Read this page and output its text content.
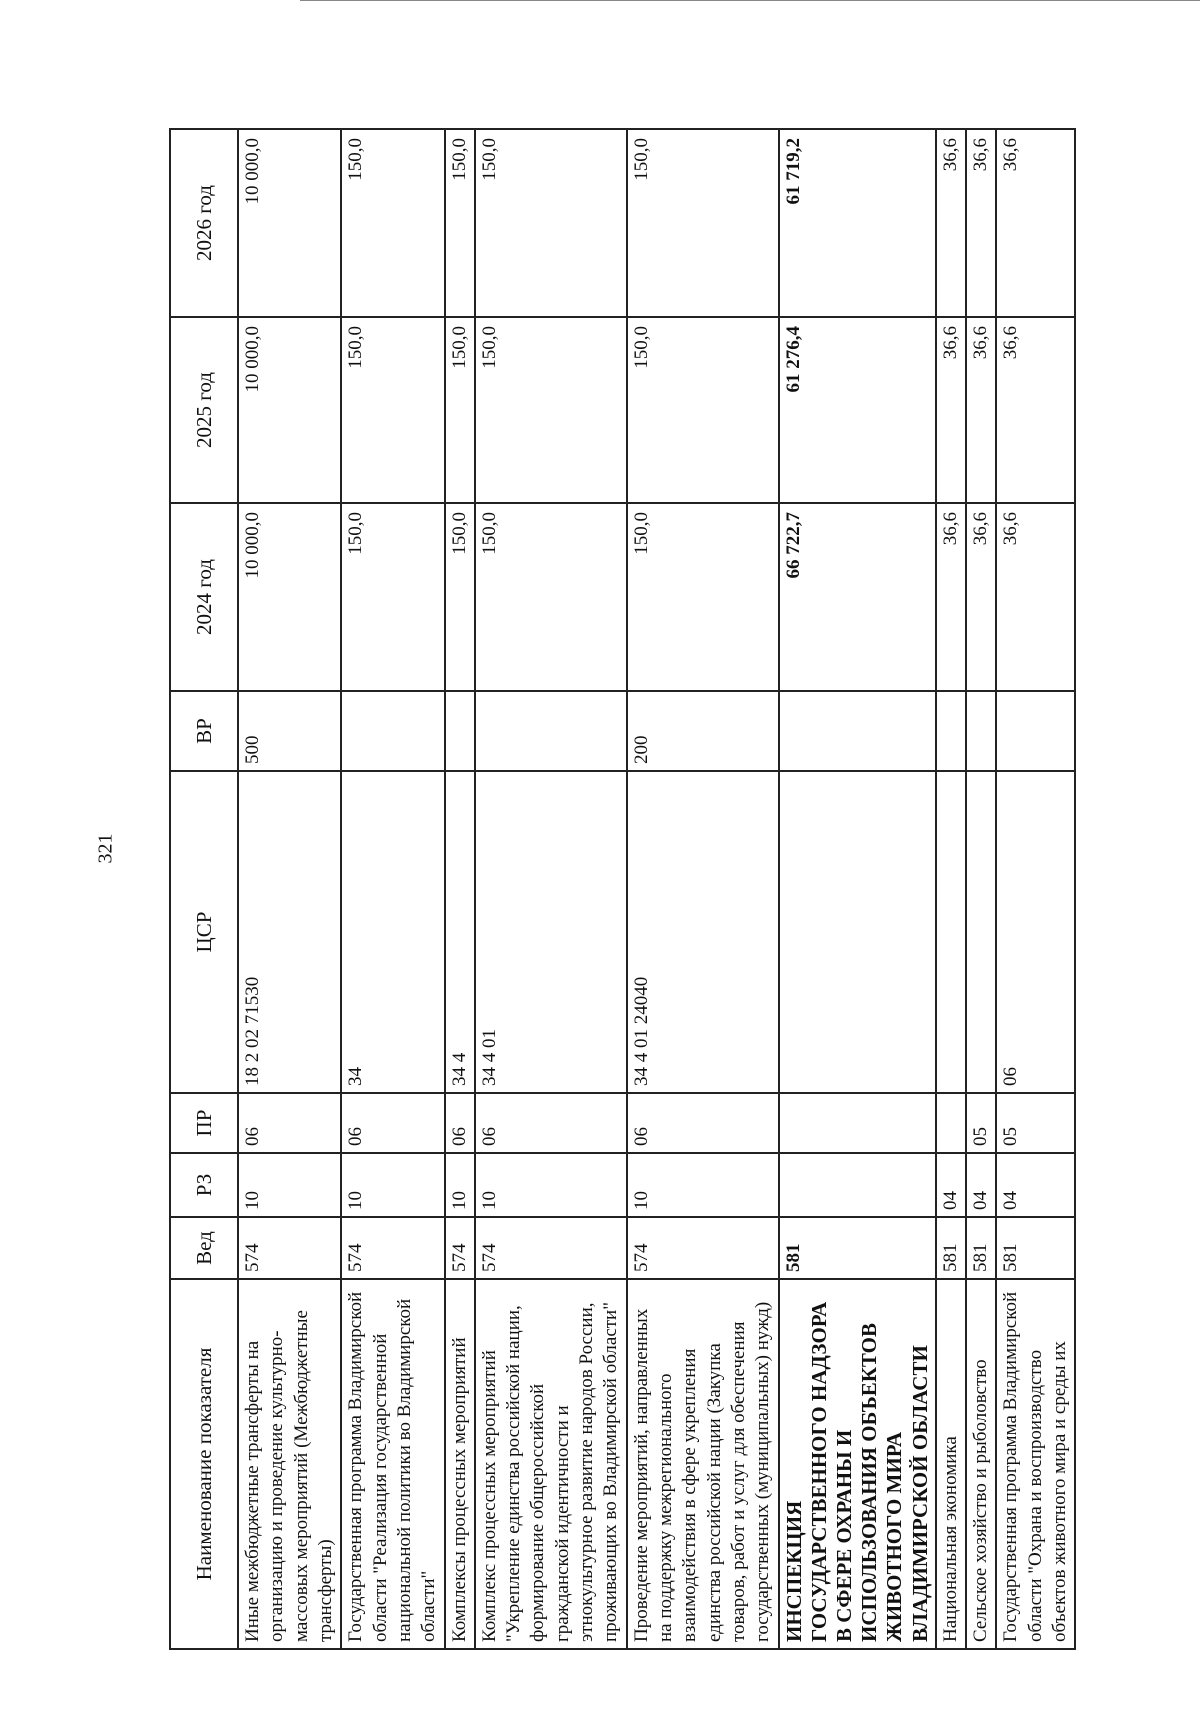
321
Наименование показателя	Вед	РЗ	ПР	ЦСР	ВР	2024 год	2025 год	2026 год
Иные межбюджетные трансферты на организацию и проведение культурно-массовых мероприятий (Межбюджетные трансферты)	574	10	06	18 2 02 71530	500	10 000,0	10 000,0	10 000,0
Государственная программа Владимирской области "Реализация государственной национальной политики во Владимирской области"	574	10	06	34		150,0	150,0	150,0
Комплексы процессных мероприятий	574	10	06	34 4		150,0	150,0	150,0
Комплекс процессных мероприятий "Укрепление единства российской нации, формирование общероссийской гражданской идентичности и этнокультурное развитие народов России, проживающих во Владимирской области"	574	10	06	34 4 01		150,0	150,0	150,0
Проведение мероприятий, направленных на поддержку межрегионального взаимодействия в сфере укрепления единства российской нации (Закупка товаров, работ и услуг для обеспечения государственных (муниципальных) нужд)	574	10	06	34 4 01 24040	200	150,0	150,0	150,0
ИНСПЕКЦИЯ ГОСУДАРСТВЕННОГО НАДЗОРА В СФЕРЕ ОХРАНЫ И ИСПОЛЬЗОВАНИЯ ОБЪЕКТОВ ЖИВОТНОГО МИРА ВЛАДИМИРСКОЙ ОБЛАСТИ	581					66 722,7	61 276,4	61 719,2
Национальная экономика	581	04				36,6	36,6	36,6
Сельское хозяйство и рыболовство	581	04	05			36,6	36,6	36,6
Государственная программа Владимирской области "Охрана и воспроизводство объектов животного мира и среды их	581	04	05	06		36,6	36,6	36,6
